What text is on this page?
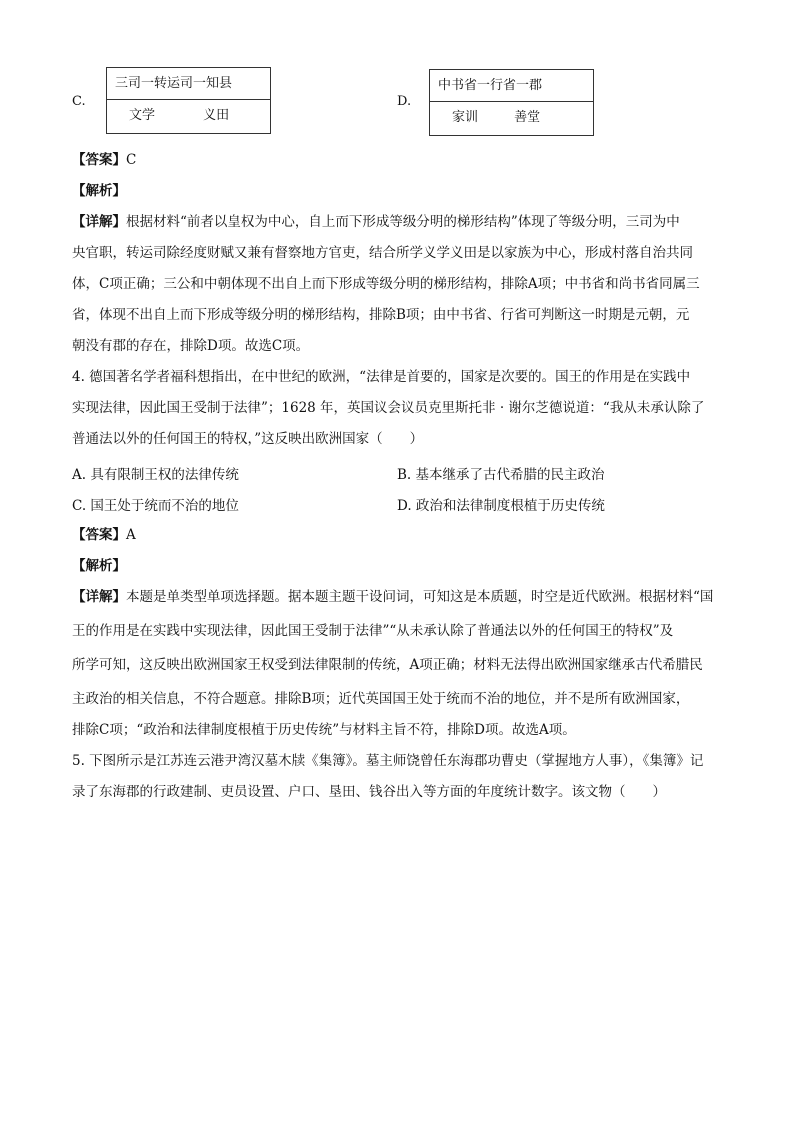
C.
三司一转运司一知县
文学	义田
D.
中书省一行省一郡
家训	善堂
【答案】C
【解析】
【详解】根据材料“前者以皇权为中心，自上而下形成等级分明的梯形结构”体现了等级分明，三司为中
央官职，转运司除经度财赋又兼有督察地方官吏，结合所学义学义田是以家族为中心，形成村落自治共同
体，C项正确；三公和中朝体现不出自上而下形成等级分明的梯形结构，排除A项；中书省和尚书省同属三
省，体现不出自上而下形成等级分明的梯形结构，排除B项；由中书省、行省可判断这一时期是元朝，元
朝没有郡的存在，排除D项。故选C项。
4. 德国著名学者福科想指出，在中世纪的欧洲，“法律是首要的，国家是次要的。国王的作用是在实践中
实现法律，因此国王受制于法律”；1628 年，英国议会议员克里斯托非 · 谢尔芝德说道：“我从未承认除了
普通法以外的任何国王的特权，”这反映出欧洲国家（　　）
A. 具有限制王权的法律传统	B. 基本继承了古代希腊的民主政治
C. 国王处于统而不治的地位	D. 政治和法律制度根植于历史传统
【答案】A
【解析】
【详解】本题是单类型单项选择题。据本题主题干设问词，可知这是本质题，时空是近代欧洲。根据材料“国
王的作用是在实践中实现法律，因此国王受制于法律”“从未承认除了普通法以外的任何国王的特权”及
所学可知，这反映出欧洲国家王权受到法律限制的传统，A项正确；材料无法得出欧洲国家继承古代希腊民
主政治的相关信息，不符合题意。排除B项；近代英国国王处于统而不治的地位，并不是所有欧洲国家，
排除C项；“政治和法律制度根植于历史传统”与材料主旨不符，排除D项。故选A项。
5. 下图所示是江苏连云港尹湾汉墓木牍《集簿》。墓主师饶曾任东海郡功曹史（掌握地方人事），《集簿》记
录了东海郡的行政建制、吏员设置、户口、垦田、钱谷出入等方面的年度统计数字。该文物（　　）
